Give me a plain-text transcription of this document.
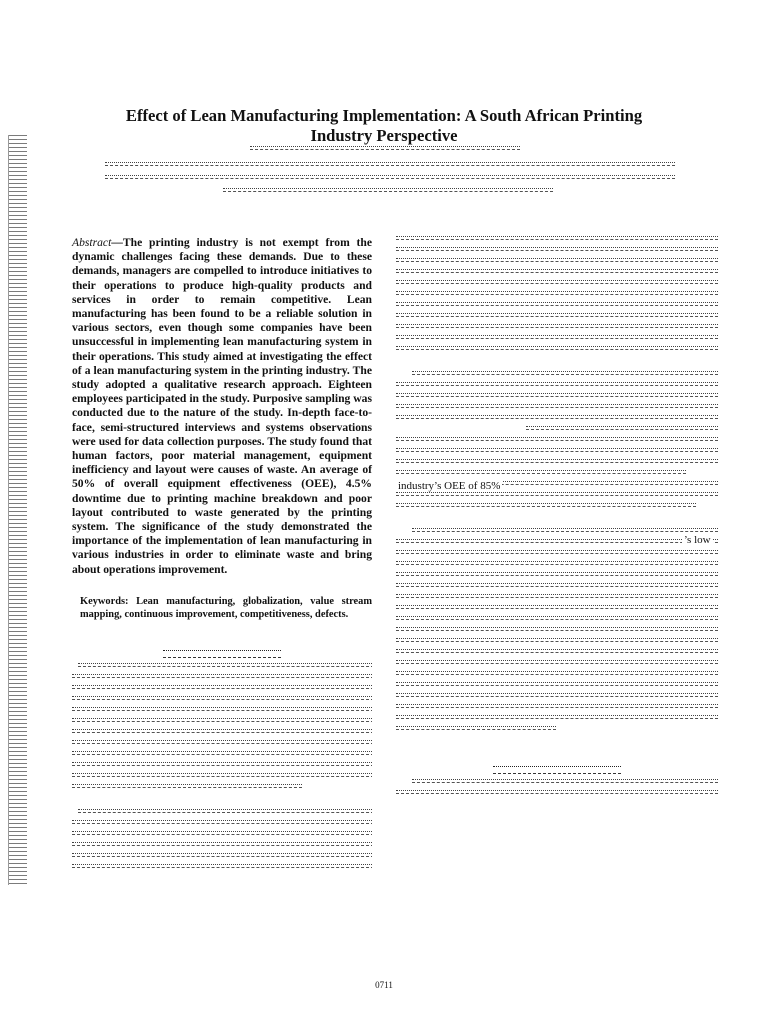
Effect of Lean Manufacturing Implementation: A South African Printing Industry Perspective
Abstract—The printing industry is not exempt from the dynamic challenges facing these demands. Due to these demands, managers are compelled to introduce initiatives to their operations to produce high-quality products and services in order to remain competitive. Lean manufacturing has been found to be a reliable solution in various sectors, even though some companies have been unsuccessful in implementing lean manufacturing system in their operations. This study aimed at investigating the effect of a lean manufacturing system in the printing industry. The study adopted a qualitative research approach. Eighteen employees participated in the study. Purposive sampling was conducted due to the nature of the study. In-depth face-to-face, semi-structured interviews and systems observations were used for data collection purposes. The study found that human factors, poor material management, equipment inefficiency and layout were causes of waste. An average of 50% of overall equipment effectiveness (OEE), 4.5% downtime due to printing machine breakdown and poor layout contributed to waste generated by the printing system. The significance of the study demonstrated the importance of the implementation of lean manufacturing in various industries in order to eliminate waste and bring about operations improvement.
Keywords: Lean manufacturing, globalization, value stream mapping, continuous improvement, competitiveness, defects.
industry’s OEE of 85%
’s low
0711
